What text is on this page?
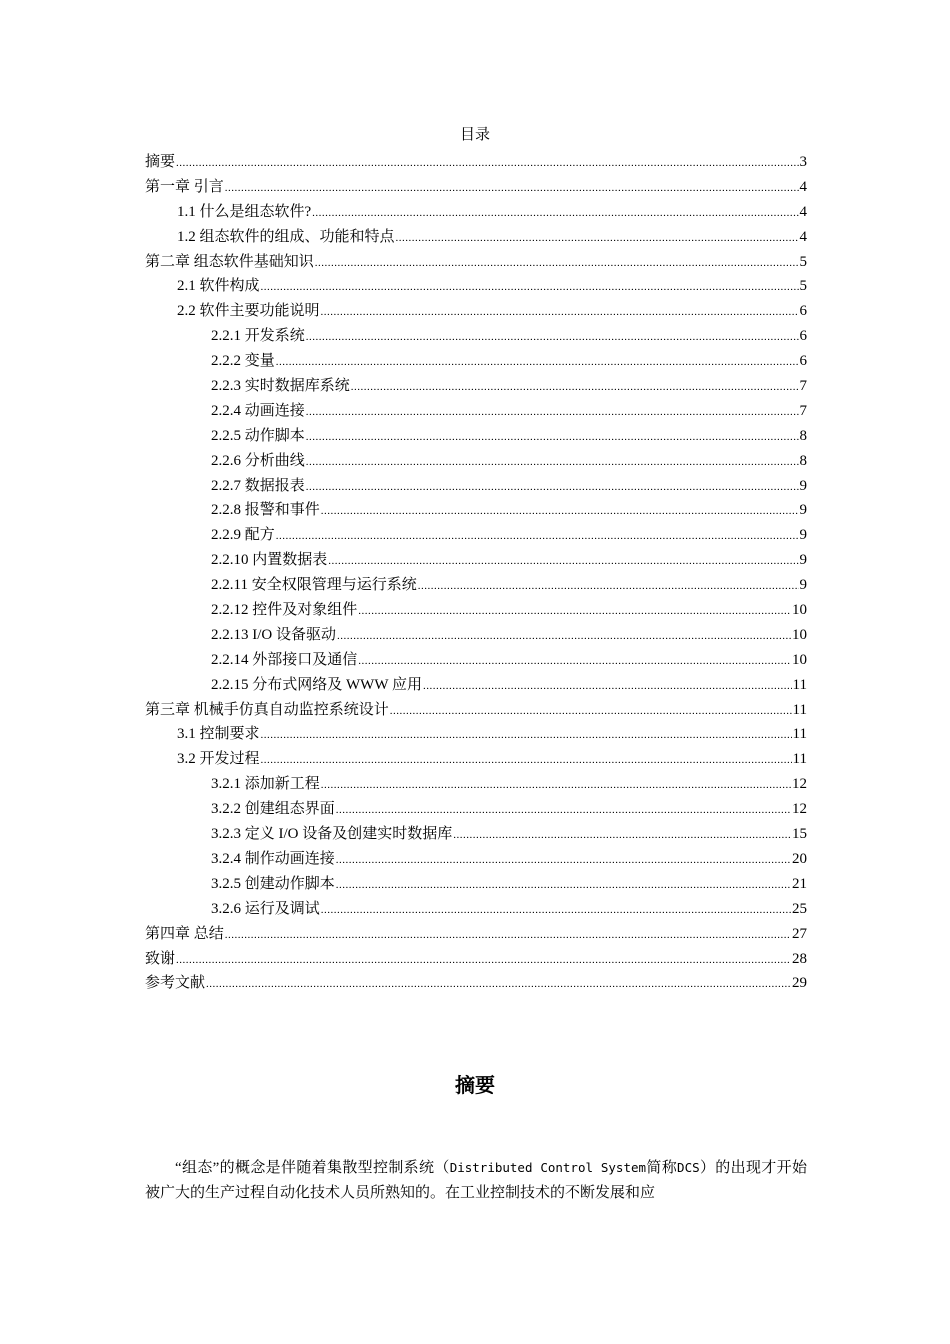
目录
摘要 .....	3
第一章 引言 .....	4
1.1 什么是组态软件? .....	4
1.2 组态软件的组成、功能和特点 .....	4
第二章 组态软件基础知识 .....	5
2.1 软件构成 .....	5
2.2 软件主要功能说明 .....	6
2.2.1 开发系统 .....	6
2.2.2 变量 .....	6
2.2.3 实时数据库系统 .....	7
2.2.4 动画连接 .....	7
2.2.5 动作脚本 .....	8
2.2.6 分析曲线 .....	8
2.2.7 数据报表 .....	9
2.2.8 报警和事件 .....	9
2.2.9 配方 .....	9
2.2.10 内置数据表 .....	9
2.2.11 安全权限管理与运行系统 .....	9
2.2.12 控件及对象组件 .....	10
2.2.13 I/O 设备驱动 .....	10
2.2.14 外部接口及通信 .....	10
2.2.15 分布式网络及 WWW 应用 .....	11
第三章 机械手仿真自动监控系统设计 .....	11
3.1 控制要求 .....	11
3.2 开发过程 .....	11
3.2.1 添加新工程 .....	12
3.2.2 创建组态界面 .....	12
3.2.3 定义 I/O 设备及创建实时数据库 .....	15
3.2.4 制作动画连接 .....	20
3.2.5 创建动作脚本 .....	21
3.2.6 运行及调试 .....	25
第四章 总结 .....	27
致谢 .....	28
参考文献 .....	29
摘要

“组态”的概念是伴随着集散型控制系统（Distributed Control System简称DCS）的出现才开始被广大的生产过程自动化技术人员所熟知的。在工业控制技术的不断发展和应
